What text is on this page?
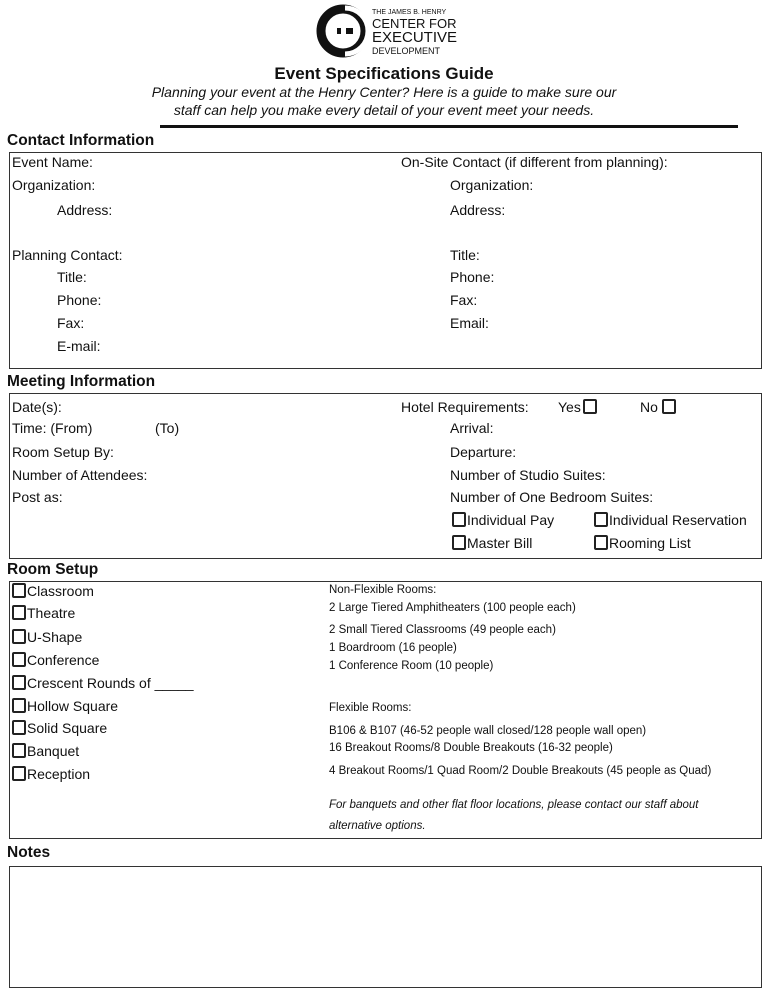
THE JAMES B. HENRY
CENTER FOR
EXECUTIVE
DEVELOPMENT
Event Specifications Guide
Planning your event at the Henry Center? Here is a guide to make sure our
staff can help you make every detail of your event meet your needs.
Contact Information
Event Name:
Organization:
Address:
Planning Contact:
Title:
Phone:
Fax:
E-mail:
On-Site Contact (if different from planning):
Organization:
Address:
Title:
Phone:
Fax:
Email:
Meeting Information
Date(s):
Time: (From)	(To)
Room Setup By:
Number of Attendees:
Post as:
Hotel Requirements: Yes	No
Arrival:
Departure:
Number of Studio Suites:
Number of One Bedroom Suites:
Individual Pay	Individual Reservation
Master Bill	Rooming List
Room Setup
Classroom
Theatre
U-Shape
Conference
Crescent Rounds of _____
Hollow Square
Solid Square
Banquet
Reception
Non-Flexible Rooms:
2 Large Tiered Amphitheaters (100 people each)
2 Small Tiered Classrooms (49 people each)
1 Boardroom (16 people)
1 Conference Room (10 people)
Flexible Rooms:
B106 & B107 (46-52 people wall closed/128 people wall open)
16 Breakout Rooms/8 Double Breakouts (16-32 people)
4 Breakout Rooms/1 Quad Room/2 Double Breakouts (45 people as Quad)
For banquets and other flat floor locations, please contact our staff about
alternative options.
Notes
